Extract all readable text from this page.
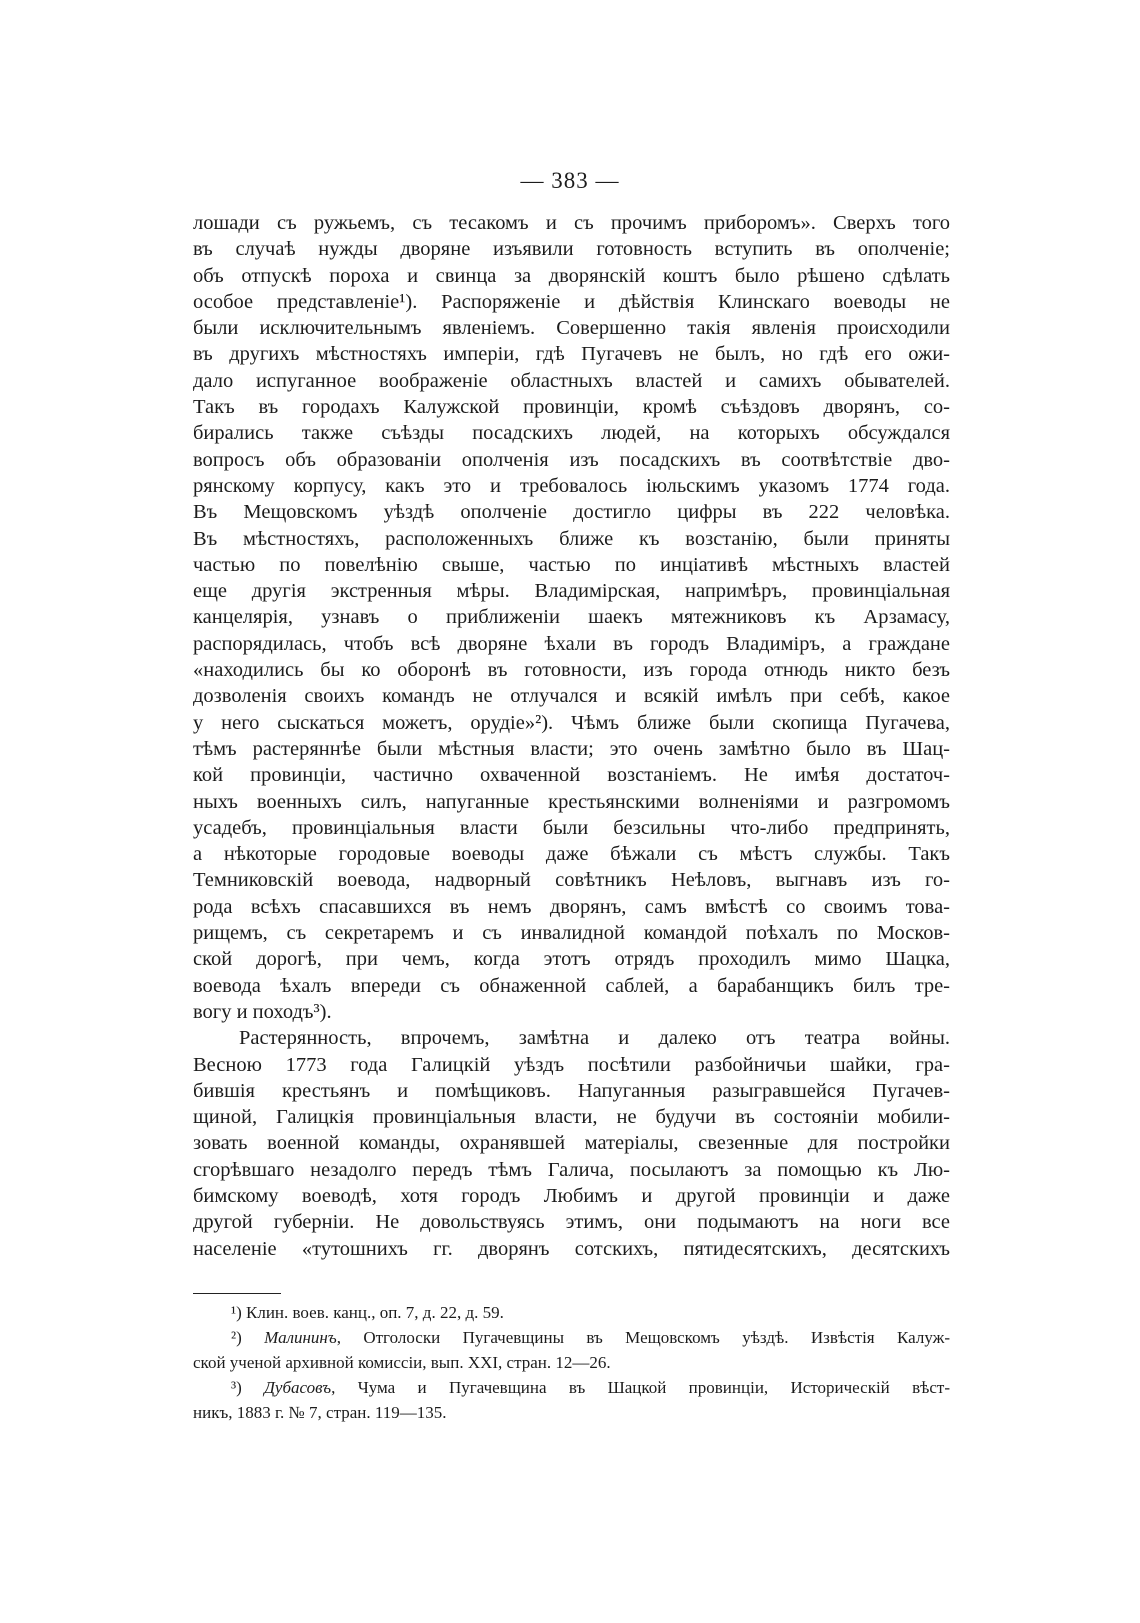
— 383 —
лошади съ ружьемъ, съ тесакомъ и съ прочимъ приборомъ». Сверхъ того
въ случаѣ нужды дворяне изъявили готовность вступить въ ополченіе;
объ отпускѣ пороха и свинца за дворянскій коштъ было рѣшено сдѣлать
особое представленіе¹). Распоряженіе и дѣйствія Клинскаго воеводы не
были исключительнымъ явленіемъ. Совершенно такія явленія происходили
въ другихъ мѣстностяхъ имперіи, гдѣ Пугачевъ не былъ, но гдѣ его ожи-
дало испуганное воображеніе областныхъ властей и самихъ обывателей.
Такъ въ городахъ Калужской провинціи, кромѣ съѣздовъ дворянъ, со-
бирались также съѣзды посадскихъ людей, на которыхъ обсуждался
вопросъ объ образованіи ополченія изъ посадскихъ въ соотвѣтствіе дво-
рянскому корпусу, какъ это и требовалось іюльскимъ указомъ 1774 года.
Въ Мещовскомъ уѣздѣ ополченіе достигло цифры въ 222 человѣка.
Въ мѣстностяхъ, расположенныхъ ближе къ возстанію, были приняты
частью по повелѣнію свыше, частью по инціативѣ мѣстныхъ властей
еще другія экстренныя мѣры. Владимірская, напримѣръ, провинціальная
канцелярія, узнавъ о приближеніи шаекъ мятежниковъ къ Арзамасу,
распорядилась, чтобъ всѣ дворяне ѣхали въ городъ Владиміръ, а граждане
«находились бы ко оборонѣ въ готовности, изъ города отнюдь никто безъ
дозволенія своихъ командъ не отлучался и всякій имѣлъ при себѣ, какое
у него сыскаться можетъ, орудіе»²). Чѣмъ ближе были скопища Пугачева,
тѣмъ растеряннѣе были мѣстныя власти; это очень замѣтно было въ Шац-
кой провинціи, частично охваченной возстаніемъ. Не имѣя достаточ-
ныхъ военныхъ силъ, напуганные крестьянскими волненіями и разгромомъ
усадебъ, провинціальныя власти были безсильны что-либо предпринять,
а нѣкоторые городовые воеводы даже бѣжали съ мѣстъ службы. Такъ
Темниковскій воевода, надворный совѣтникъ Неѣловъ, выгнавъ изъ го-
рода всѣхъ спасавшихся въ немъ дворянъ, самъ вмѣстѣ со своимъ това-
рищемъ, съ секретаремъ и съ инвалидной командой поѣхалъ по Москов-
ской дорогѣ, при чемъ, когда этотъ отрядъ проходилъ мимо Шацка,
воевода ѣхалъ впереди съ обнаженной саблей, а барабанщикъ билъ тре-
вогу и походъ³).
Растерянность, впрочемъ, замѣтна и далеко отъ театра войны.
Весною 1773 года Галицкій уѣздъ посѣтили разбойничьи шайки, гра-
бившія крестьянъ и помѣщиковъ. Напуганныя разыгравшейся Пугачев-
щиной, Галицкія провинціальныя власти, не будучи въ состояніи мобили-
зовать военной команды, охранявшей матеріалы, свезенные для постройки
сгорѣвшаго незадолго передъ тѣмъ Галича, посылаютъ за помощью къ Лю-
бимскому воеводѣ, хотя городъ Любимъ и другой провинціи и даже
другой губерніи. Не довольствуясь этимъ, они подымаютъ на ноги все
населеніе «тутошнихъ гг. дворянъ сотскихъ, пятидесятскихъ, десятскихъ
¹) Клин. воев. канц., оп. 7, д. 22, д. 59.
²) Малининъ, Отголоски Пугачевщины въ Мещовскомъ уѣздѣ. Извѣстія Калуж-
ской ученой архивной комиссіи, вып. XXI, стран. 12—26.
³) Дубасовъ, Чума и Пугачевщина въ Шацкой провинціи, Историческій вѣст-
никъ, 1883 г. № 7, стран. 119—135.
